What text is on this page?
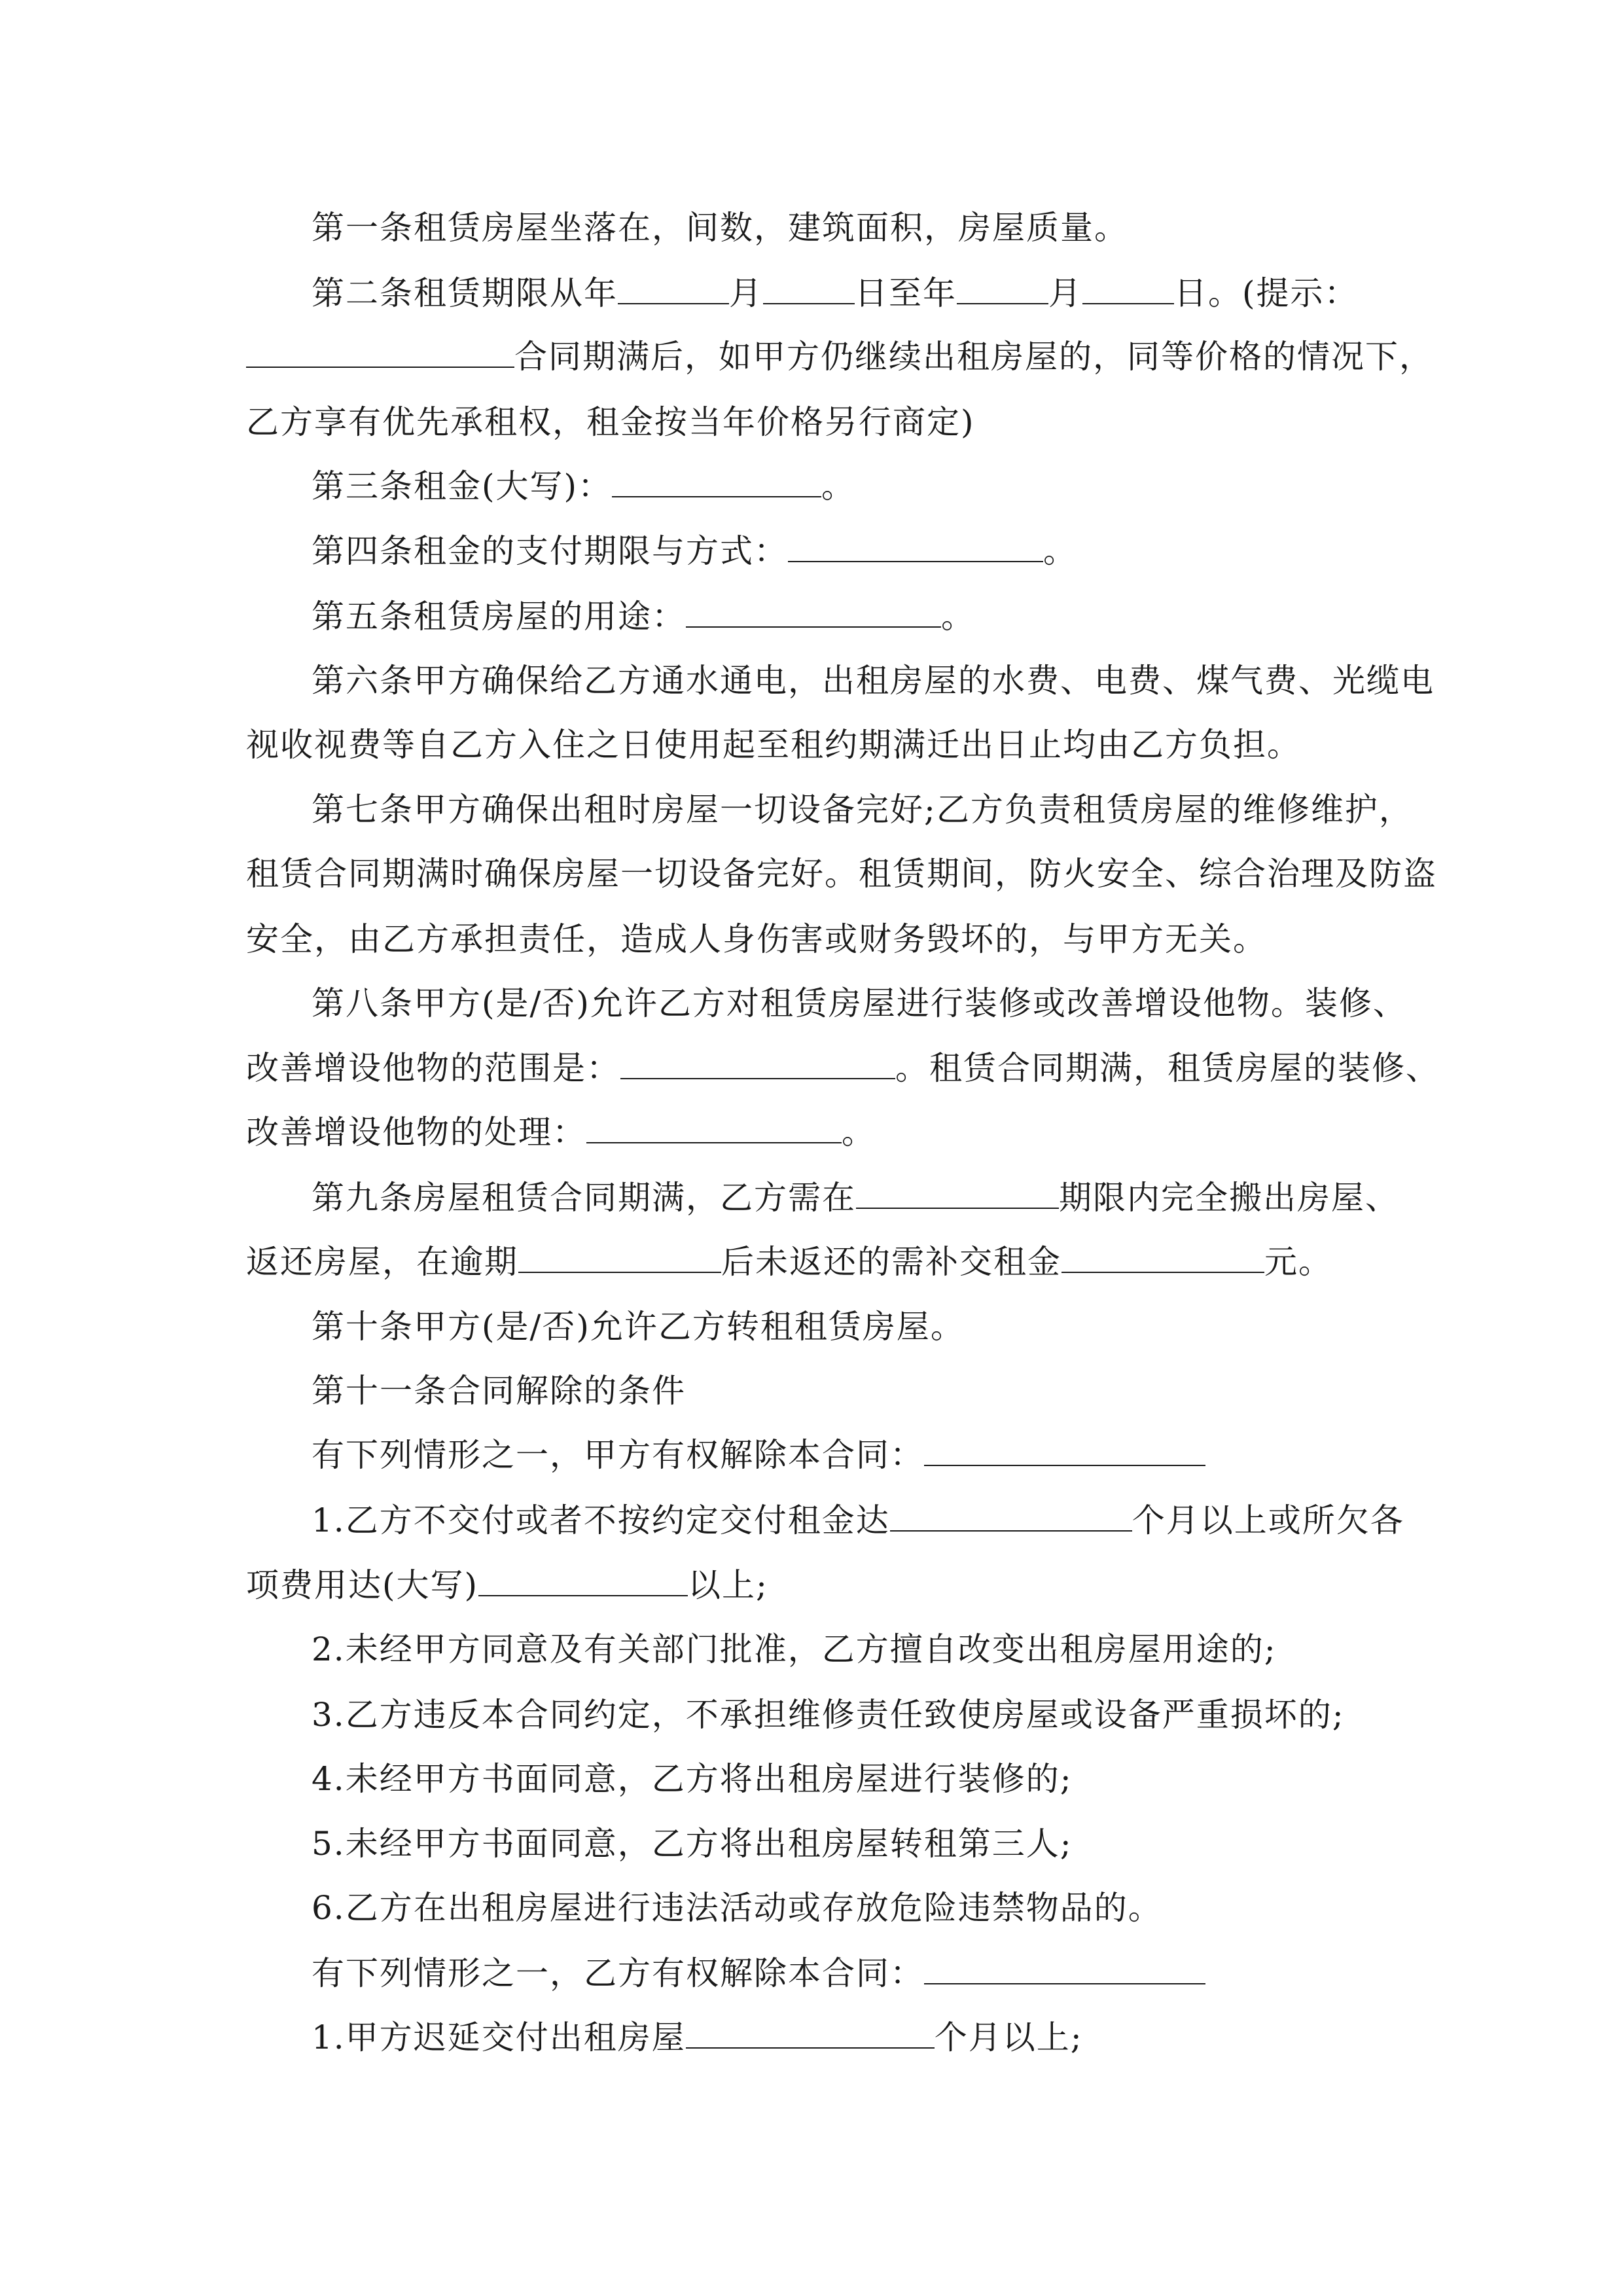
第一条租赁房屋坐落在，间数，建筑面积，房屋质量。
第二条租赁期限从年	月	日至年	月	日。(提示：
合同期满后，如甲方仍继续出租房屋的，同等价格的情况下，
乙方享有优先承租权，租金按当年价格另行商定)
第三条租金(大写)：	。
第四条租金的支付期限与方式：	。
第五条租赁房屋的用途：	。
第六条甲方确保给乙方通水通电，出租房屋的水费、电费、煤气费、光缆电
视收视费等自乙方入住之日使用起至租约期满迁出日止均由乙方负担。
第七条甲方确保出租时房屋一切设备完好;乙方负责租赁房屋的维修维护，
租赁合同期满时确保房屋一切设备完好。租赁期间，防火安全、综合治理及防盗
安全，由乙方承担责任，造成人身伤害或财务毁坏的，与甲方无关。
第八条甲方(是/否)允许乙方对租赁房屋进行装修或改善增设他物。装修、
改善增设他物的范围是：	。租赁合同期满，租赁房屋的装修、
改善增设他物的处理：	。
第九条房屋租赁合同期满，乙方需在	期限内完全搬出房屋、
返还房屋，在逾期	后未返还的需补交租金	元。
第十条甲方(是/否)允许乙方转租租赁房屋。
第十一条合同解除的条件
有下列情形之一，甲方有权解除本合同：
1.乙方不交付或者不按约定交付租金达	个月以上或所欠各
项费用达(大写)	以上;
2.未经甲方同意及有关部门批准，乙方擅自改变出租房屋用途的;
3.乙方违反本合同约定，不承担维修责任致使房屋或设备严重损坏的;
4.未经甲方书面同意，乙方将出租房屋进行装修的;
5.未经甲方书面同意，乙方将出租房屋转租第三人;
6.乙方在出租房屋进行违法活动或存放危险违禁物品的。
有下列情形之一，乙方有权解除本合同：
1.甲方迟延交付出租房屋	个月以上;
